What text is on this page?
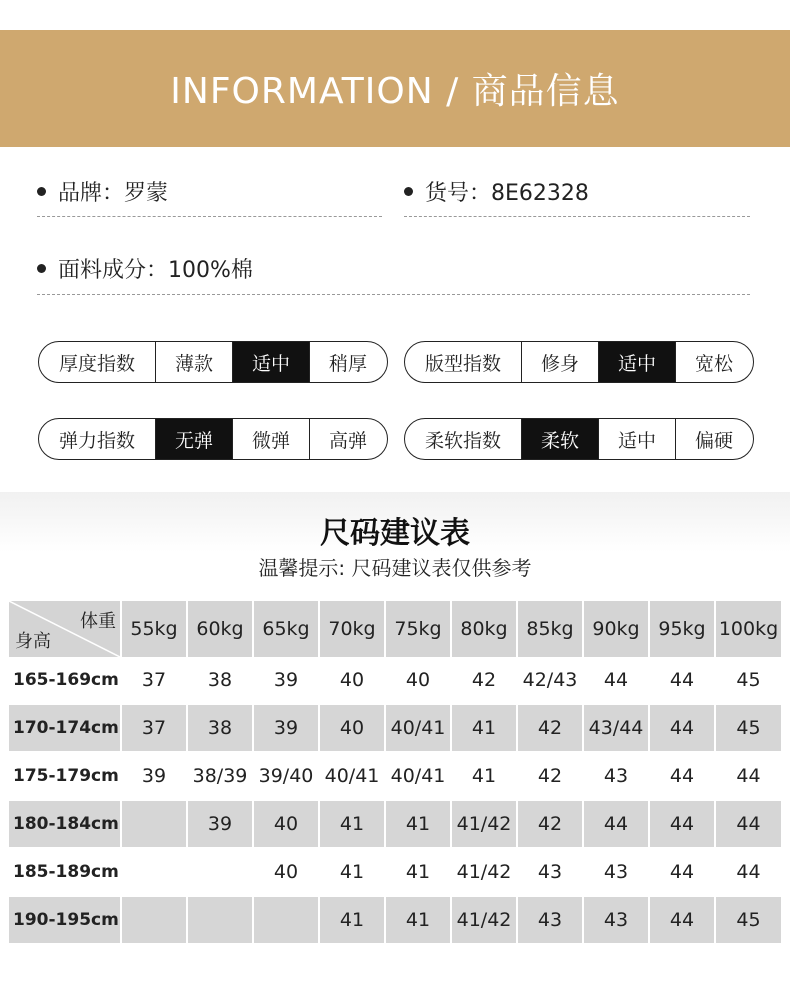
INFORMATION / 商品信息
品牌：罗蒙	货号：8E62328
面料成分：100%棉
厚度指数	薄款	适中	稍厚	版型指数	修身	适中	宽松
弹力指数	无弹	微弹	高弹	柔软指数	柔软	适中	偏硬
尺码建议表
温馨提示: 尺码建议表仅供参考
体重
身高	55kg	60kg	65kg	70kg	75kg	80kg	85kg	90kg	95kg	100kg
165-169cm	37	38	39	40	40	42	42/43	44	44	45
170-174cm	37	38	39	40	40/41	41	42	43/44	44	45
175-179cm	39	38/39	39/40	40/41	40/41	41	42	43	44	44
180-184cm		39	40	41	41	41/42	42	44	44	44
185-189cm			40	41	41	41/42	43	43	44	44
190-195cm				41	41	41/42	43	43	44	45
